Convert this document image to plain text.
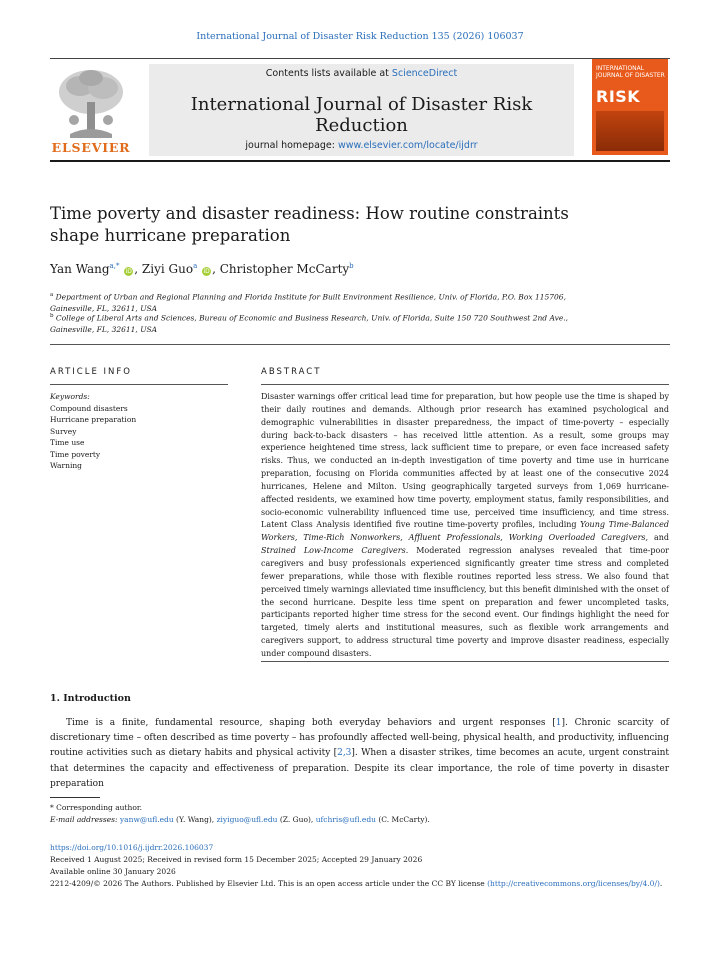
International Journal of Disaster Risk Reduction 135 (2026) 106037
ELSEVIER
Contents lists available at ScienceDirect
International Journal of Disaster Risk Reduction
journal homepage: www.elsevier.com/locate/ijdrr
INTERNATIONAL JOURNAL OF DISASTER
RISK
Time poverty and disaster readiness: How routine constraints
shape hurricane preparation
Yan Wang$^{a,*}$ iD , Ziyi Guo$^a$ iD , Christopher McCarty$^b$
$^a$ Department of Urban and Regional Planning and Florida Institute for Built Environment Resilience, Univ. of Florida, P.O. Box 115706, Gainesville, FL, 32611, USA
$^b$ College of Liberal Arts and Sciences, Bureau of Economic and Business Research, Univ. of Florida, Suite 150 720 Southwest 2nd Ave., Gainesville, FL, 32611, USA
ARTICLE INFO
Keywords:
Compound disasters
Hurricane preparation
Survey
Time use
Time poverty
Warning
ABSTRACT
Disaster warnings offer critical lead time for preparation, but how people use the time is shaped by their daily routines and demands. Although prior research has examined psychological and demographic vulnerabilities in disaster preparedness, the impact of time-poverty – especially during back-to-back disasters – has received little attention. As a result, some groups may experience heightened time stress, lack sufficient time to prepare, or even face increased safety risks. Thus, we conducted an in-depth investigation of time poverty and time use in hurricane preparation, focusing on Florida communities affected by at least one of the consecutive 2024 hurricanes, Helene and Milton. Using geographically targeted surveys from 1,069 hurricane-affected residents, we examined how time poverty, employment status, family responsibilities, and socio-economic vulnerability influenced time use, perceived time insufficiency, and time stress. Latent Class Analysis identified five routine time-poverty profiles, including Young Time-Balanced Workers, Time-Rich Nonworkers, Affluent Professionals, Working Overloaded Caregivers, and Strained Low-Income Caregivers. Moderated regression analyses revealed that time-poor caregivers and busy professionals experienced significantly greater time stress and completed fewer preparations, while those with flexible routines reported less stress. We also found that perceived timely warnings alleviated time insufficiency, but this benefit diminished with the onset of the second hurricane. Despite less time spent on preparation and fewer uncompleted tasks, participants reported higher time stress for the second event. Our findings highlight the need for targeted, timely alerts and institutional measures, such as flexible work arrangements and caregivers support, to address structural time poverty and improve disaster readiness, especially under compound disasters.
1. Introduction
Time is a finite, fundamental resource, shaping both everyday behaviors and urgent responses [1]. Chronic scarcity of discretionary time – often described as time poverty – has profoundly affected well-being, physical health, and productivity, influencing routine activities such as dietary habits and physical activity [2,3]. When a disaster strikes, time becomes an acute, urgent constraint that determines the capacity and effectiveness of preparation. Despite its clear importance, the role of time poverty in disaster preparation
* Corresponding author.
E-mail addresses: yanw@ufl.edu (Y. Wang), ziyiguo@ufl.edu (Z. Guo), ufchris@ufl.edu (C. McCarty).
https://doi.org/10.1016/j.ijdrr.2026.106037
Received 1 August 2025; Received in revised form 15 December 2025; Accepted 29 January 2026
Available online 30 January 2026
2212-4209/© 2026 The Authors. Published by Elsevier Ltd. This is an open access article under the CC BY license (http://creativecommons.org/licenses/by/4.0/).
